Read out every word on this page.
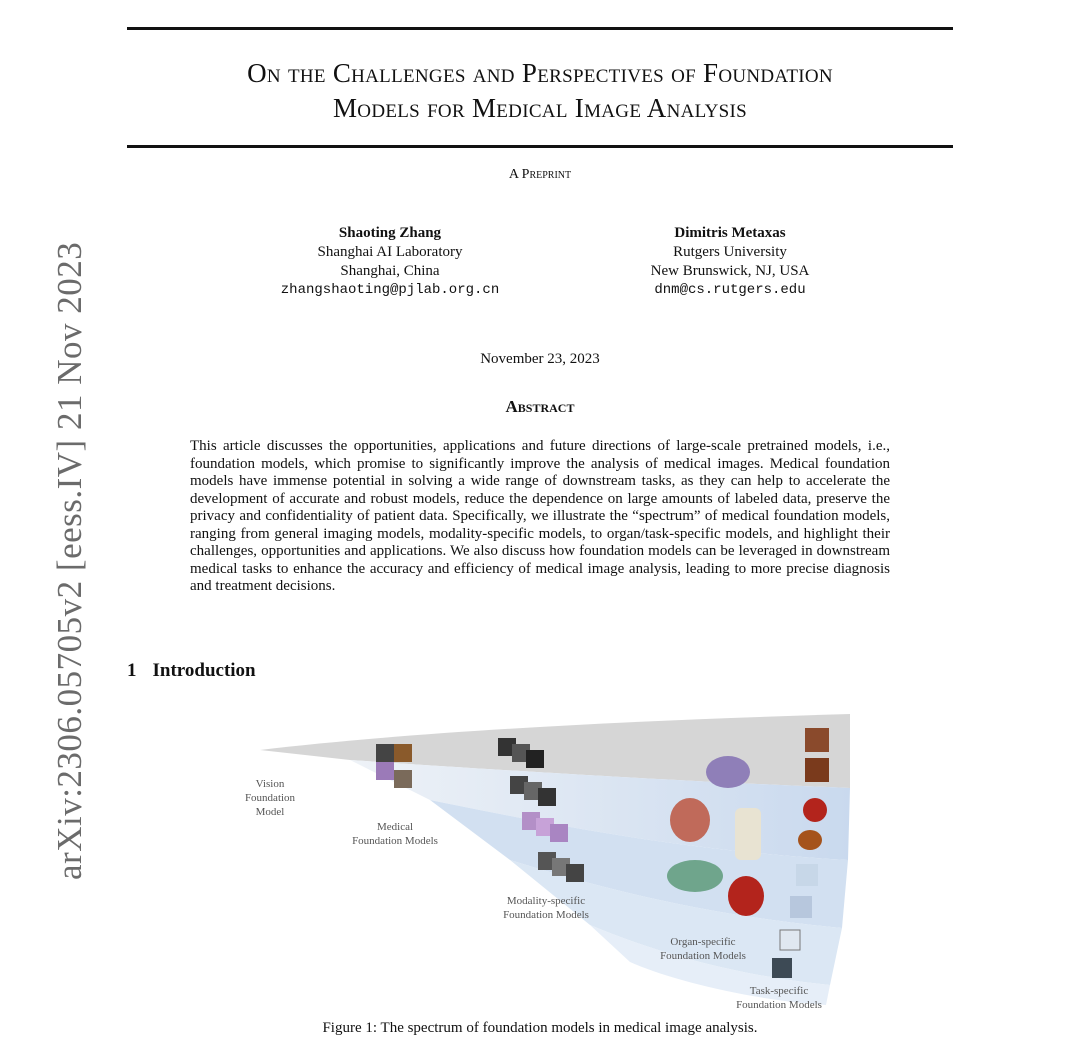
arXiv:2306.05705v2 [eess.IV] 21 Nov 2023
On the Challenges and Perspectives of Foundation
Models for Medical Image Analysis
A Preprint
Shaoting Zhang
Shanghai AI Laboratory
Shanghai, China
zhangshaoting@pjlab.org.cn
Dimitris Metaxas
Rutgers University
New Brunswick, NJ, USA
dnm@cs.rutgers.edu
November 23, 2023
Abstract
This article discusses the opportunities, applications and future directions of large-scale pretrained models, i.e., foundation models, which promise to significantly improve the analysis of medical images. Medical foundation models have immense potential in solving a wide range of downstream tasks, as they can help to accelerate the development of accurate and robust models, reduce the dependence on large amounts of labeled data, preserve the privacy and confidentiality of patient data. Specifically, we illustrate the “spectrum” of medical foundation models, ranging from general imaging models, modality-specific models, to organ/task-specific models, and highlight their challenges, opportunities and applications. We also discuss how foundation models can be leveraged in downstream medical tasks to enhance the accuracy and efficiency of medical image analysis, leading to more precise diagnosis and treatment decisions.
1 Introduction
Vision
Foundation
Model
Medical
Foundation Models
Modality-specific
Foundation Models
Organ-specific
Foundation Models
Task-specific
Foundation Models
Figure 1: The spectrum of foundation models in medical image analysis.
